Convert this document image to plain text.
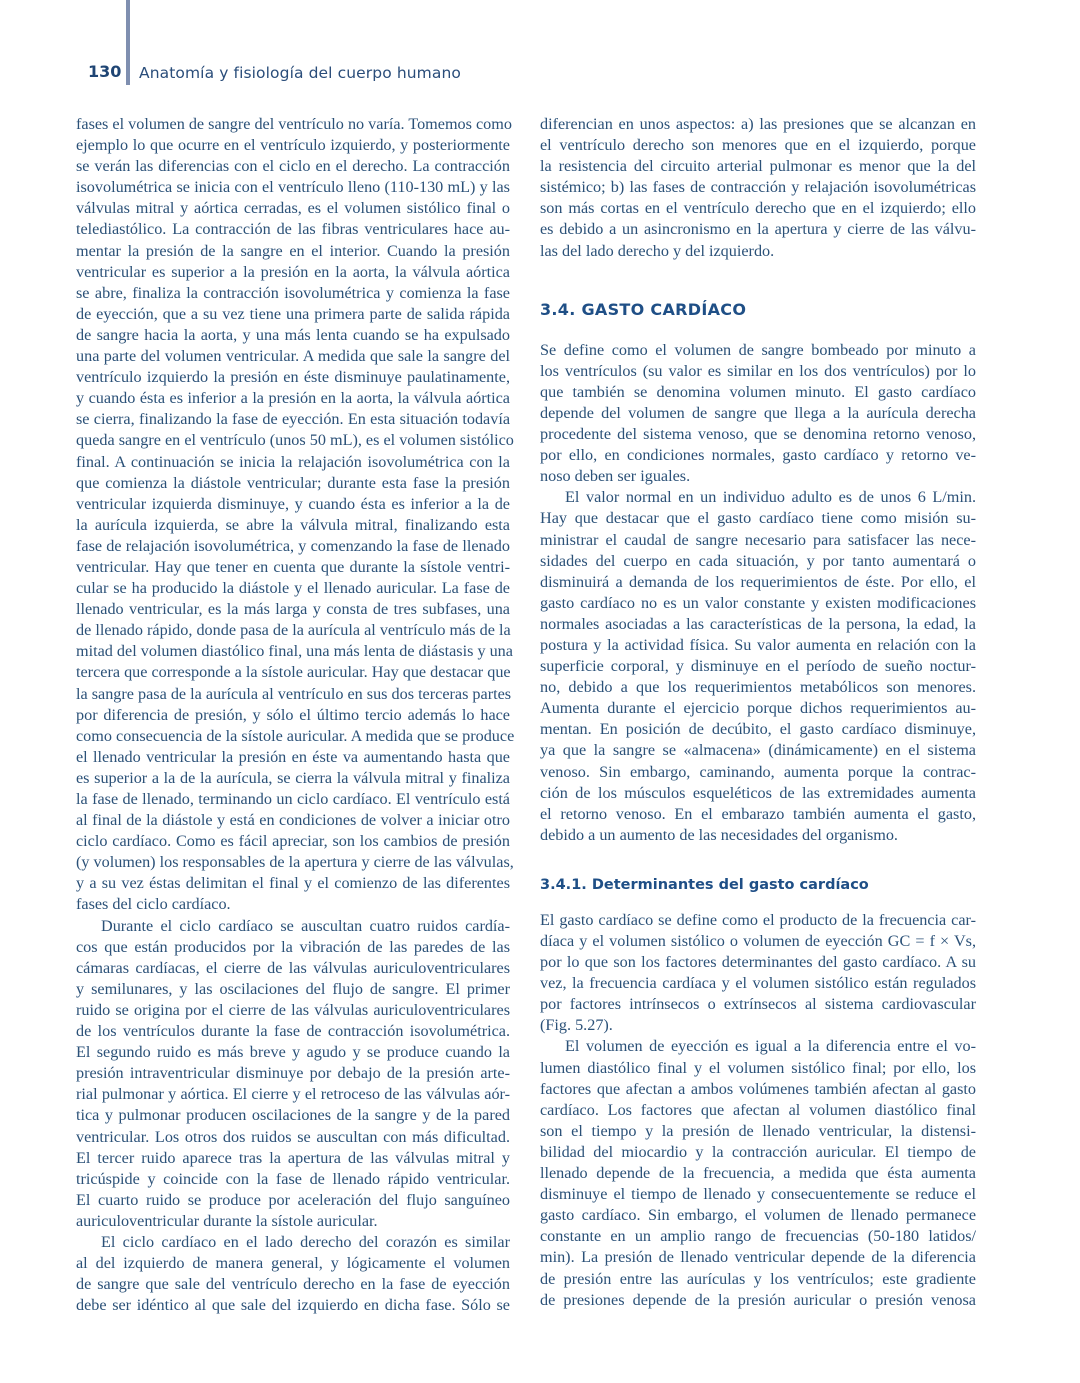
130 Anatomía y fisiología del cuerpo humano
fases el volumen de sangre del ventrículo no varía. Tomemos como
ejemplo lo que ocurre en el ventrículo izquierdo, y posteriormente
se verán las diferencias con el ciclo en el derecho. La contracción
isovolumétrica se inicia con el ventrículo lleno (110-130 mL) y las
válvulas mitral y aórtica cerradas, es el volumen sistólico final o
telediastólico. La contracción de las fibras ventriculares hace au-
mentar la presión de la sangre en el interior. Cuando la presión
ventricular es superior a la presión en la aorta, la válvula aórtica
se abre, finaliza la contracción isovolumétrica y comienza la fase
de eyección, que a su vez tiene una primera parte de salida rápida
de sangre hacia la aorta, y una más lenta cuando se ha expulsado
una parte del volumen ventricular. A medida que sale la sangre del
ventrículo izquierdo la presión en éste disminuye paulatinamente,
y cuando ésta es inferior a la presión en la aorta, la válvula aórtica
se cierra, finalizando la fase de eyección. En esta situación todavía
queda sangre en el ventrículo (unos 50 mL), es el volumen sistólico
final. A continuación se inicia la relajación isovolumétrica con la
que comienza la diástole ventricular; durante esta fase la presión
ventricular izquierda disminuye, y cuando ésta es inferior a la de
la aurícula izquierda, se abre la válvula mitral, finalizando esta
fase de relajación isovolumétrica, y comenzando la fase de llenado
ventricular. Hay que tener en cuenta que durante la sístole ventri-
cular se ha producido la diástole y el llenado auricular. La fase de
llenado ventricular, es la más larga y consta de tres subfases, una
de llenado rápido, donde pasa de la aurícula al ventrículo más de la
mitad del volumen diastólico final, una más lenta de diástasis y una
tercera que corresponde a la sístole auricular. Hay que destacar que
la sangre pasa de la aurícula al ventrículo en sus dos terceras partes
por diferencia de presión, y sólo el último tercio además lo hace
como consecuencia de la sístole auricular. A medida que se produce
el llenado ventricular la presión en éste va aumentando hasta que
es superior a la de la aurícula, se cierra la válvula mitral y finaliza
la fase de llenado, terminando un ciclo cardíaco. El ventrículo está
al final de la diástole y está en condiciones de volver a iniciar otro
ciclo cardíaco. Como es fácil apreciar, son los cambios de presión
(y volumen) los responsables de la apertura y cierre de las válvulas,
y a su vez éstas delimitan el final y el comienzo de las diferentes
fases del ciclo cardíaco.
Durante el ciclo cardíaco se auscultan cuatro ruidos cardía-
cos que están producidos por la vibración de las paredes de las
cámaras cardíacas, el cierre de las válvulas auriculoventriculares
y semilunares, y las oscilaciones del flujo de sangre. El primer
ruido se origina por el cierre de las válvulas auriculoventriculares
de los ventrículos durante la fase de contracción isovolumétrica.
El segundo ruido es más breve y agudo y se produce cuando la
presión intraventricular disminuye por debajo de la presión arte-
rial pulmonar y aórtica. El cierre y el retroceso de las válvulas aór-
tica y pulmonar producen oscilaciones de la sangre y de la pared
ventricular. Los otros dos ruidos se auscultan con más dificultad.
El tercer ruido aparece tras la apertura de las válvulas mitral y
tricúspide y coincide con la fase de llenado rápido ventricular.
El cuarto ruido se produce por aceleración del flujo sanguíneo
auriculoventricular durante la sístole auricular.
El ciclo cardíaco en el lado derecho del corazón es similar
al del izquierdo de manera general, y lógicamente el volumen
de sangre que sale del ventrículo derecho en la fase de eyección
debe ser idéntico al que sale del izquierdo en dicha fase. Sólo se
diferencian en unos aspectos: a) las presiones que se alcanzan en
el ventrículo derecho son menores que en el izquierdo, porque
la resistencia del circuito arterial pulmonar es menor que la del
sistémico; b) las fases de contracción y relajación isovolumétricas
son más cortas en el ventrículo derecho que en el izquierdo; ello
es debido a un asincronismo en la apertura y cierre de las válvu-
las del lado derecho y del izquierdo.
3.4. GASTO CARDÍACO
Se define como el volumen de sangre bombeado por minuto a
los ventrículos (su valor es similar en los dos ventrículos) por lo
que también se denomina volumen minuto. El gasto cardíaco
depende del volumen de sangre que llega a la aurícula derecha
procedente del sistema venoso, que se denomina retorno venoso,
por ello, en condiciones normales, gasto cardíaco y retorno ve-
noso deben ser iguales.
El valor normal en un individuo adulto es de unos 6 L/min.
Hay que destacar que el gasto cardíaco tiene como misión su-
ministrar el caudal de sangre necesario para satisfacer las nece-
sidades del cuerpo en cada situación, y por tanto aumentará o
disminuirá a demanda de los requerimientos de éste. Por ello, el
gasto cardíaco no es un valor constante y existen modificaciones
normales asociadas a las características de la persona, la edad, la
postura y la actividad física. Su valor aumenta en relación con la
superficie corporal, y disminuye en el período de sueño noctur-
no, debido a que los requerimientos metabólicos son menores.
Aumenta durante el ejercicio porque dichos requerimientos au-
mentan. En posición de decúbito, el gasto cardíaco disminuye,
ya que la sangre se «almacena» (dinámicamente) en el sistema
venoso. Sin embargo, caminando, aumenta porque la contrac-
ción de los músculos esqueléticos de las extremidades aumenta
el retorno venoso. En el embarazo también aumenta el gasto,
debido a un aumento de las necesidades del organismo.
3.4.1. Determinantes del gasto cardíaco
El gasto cardíaco se define como el producto de la frecuencia car-
díaca y el volumen sistólico o volumen de eyección GC = f × Vs,
por lo que son los factores determinantes del gasto cardíaco. A su
vez, la frecuencia cardíaca y el volumen sistólico están regulados
por factores intrínsecos o extrínsecos al sistema cardiovascular
(Fig. 5.27).
El volumen de eyección es igual a la diferencia entre el vo-
lumen diastólico final y el volumen sistólico final; por ello, los
factores que afectan a ambos volúmenes también afectan al gasto
cardíaco. Los factores que afectan al volumen diastólico final
son el tiempo y la presión de llenado ventricular, la distensi-
bilidad del miocardio y la contracción auricular. El tiempo de
llenado depende de la frecuencia, a medida que ésta aumenta
disminuye el tiempo de llenado y consecuentemente se reduce el
gasto cardíaco. Sin embargo, el volumen de llenado permanece
constante en un amplio rango de frecuencias (50-180 latidos/
min). La presión de llenado ventricular depende de la diferencia
de presión entre las aurículas y los ventrículos; este gradiente
de presiones depende de la presión auricular o presión venosa
